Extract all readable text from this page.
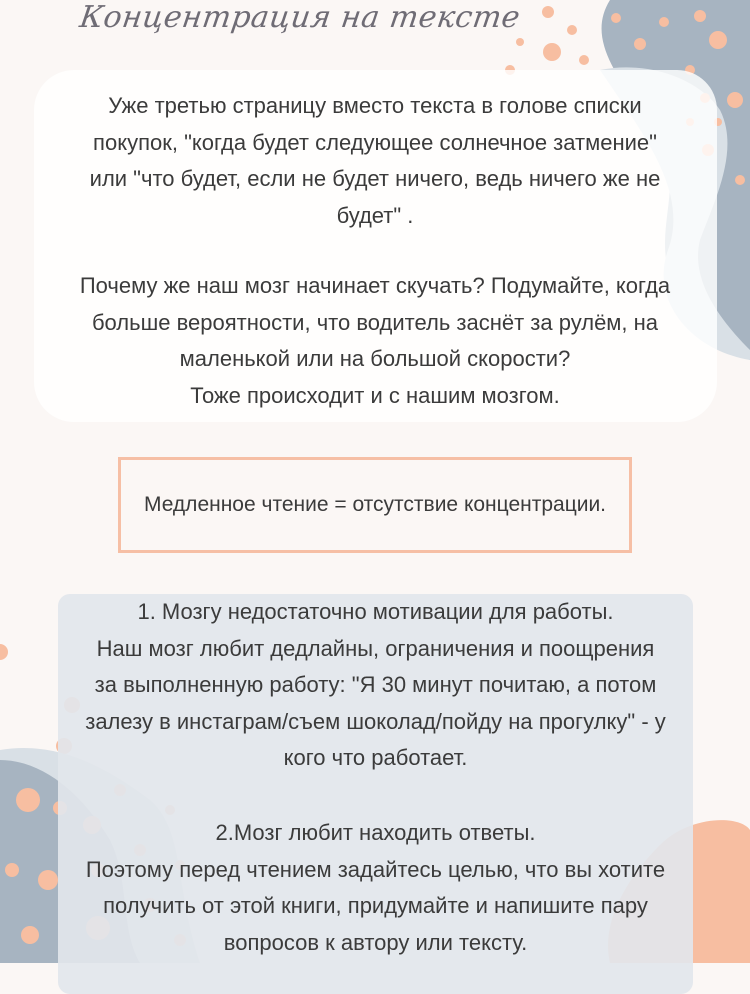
Концентрация на тексте
Уже третью страницу вместо текста в голове списки
покупок, "когда будет следующее солнечное затмение"
или "что будет, если не будет ничего, ведь ничего же не
будет" .
Почему же наш мозг начинает скучать? Подумайте, когда
больше вероятности, что водитель заснёт за рулём, на
маленькой или на большой скорости?
Тоже происходит и с нашим мозгом.
Медленное чтение = отсутствие концентрации.
1. Мозгу недостаточно мотивации для работы.
Наш мозг любит дедлайны, ограничения и поощрения
за выполненную работу: "Я 30 минут почитаю, а потом
залезу в инстаграм/съем шоколад/пойду на прогулку" - у
кого что работает.
2.Мозг любит находить ответы.
Поэтому перед чтением задайтесь целью, что вы хотите
получить от этой книги, придумайте и напишите пару
вопросов к автору или тексту.
